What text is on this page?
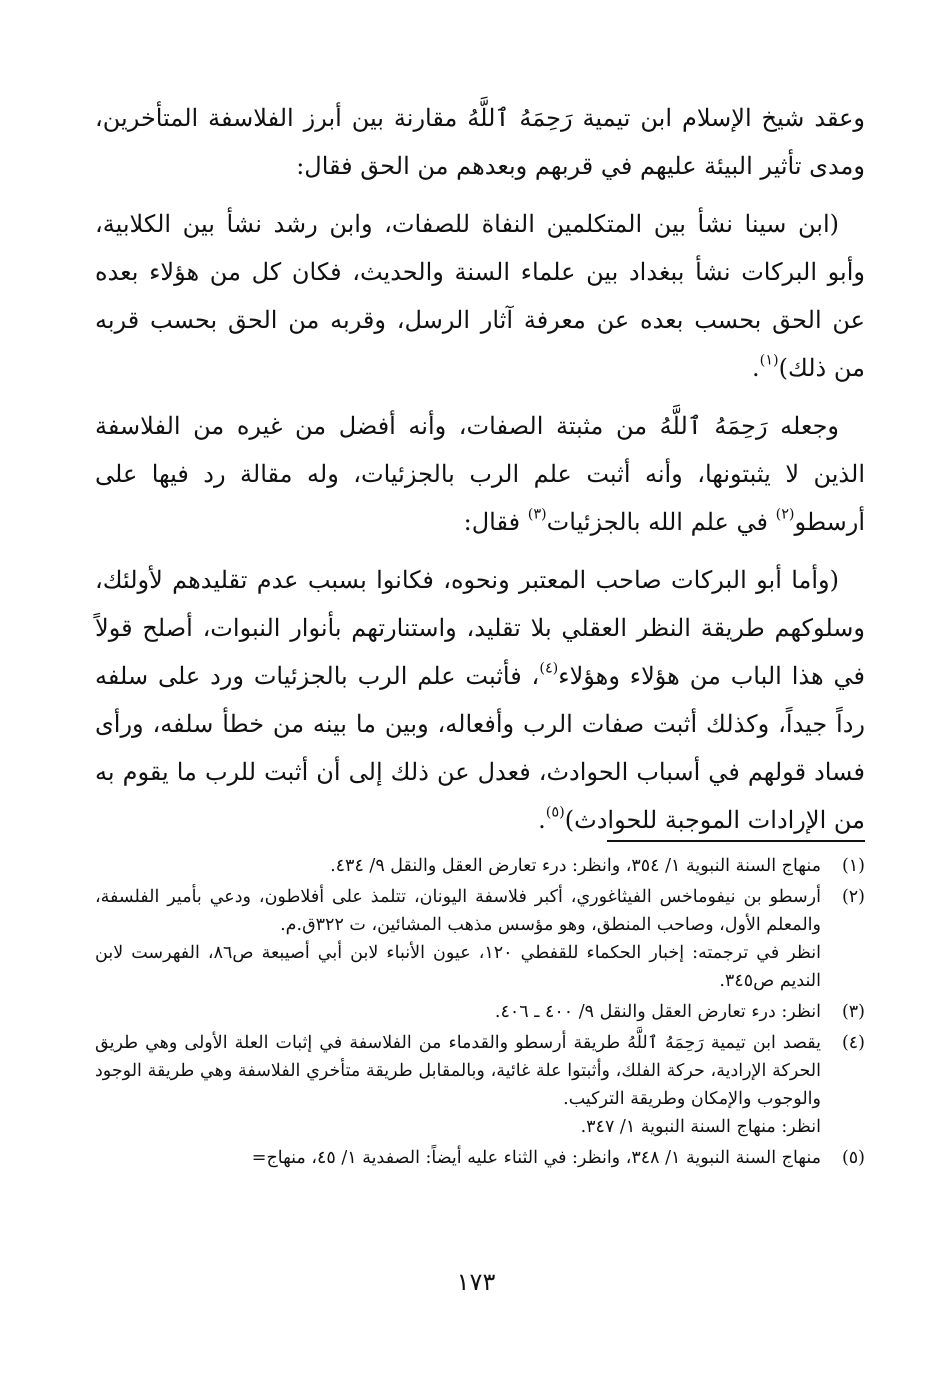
وعقد شيخ الإسلام ابن تيمية رَحِمَهُ ٱللَّهُ مقارنة بين أبرز الفلاسفة المتأخرين، ومدى تأثير البيئة عليهم في قربهم وبعدهم من الحق فقال:

(ابن سينا نشأ بين المتكلمين النفاة للصفات، وابن رشد نشأ بين الكلابية، وأبو البركات نشأ ببغداد بين علماء السنة والحديث، فكان كل من هؤلاء بعده عن الحق بحسب بعده عن معرفة آثار الرسل، وقربه من الحق بحسب قربه من ذلك)$^{(١)}$.

وجعله رَحِمَهُ ٱللَّهُ من مثبتة الصفات، وأنه أفضل من غيره من الفلاسفة الذين لا يثبتونها، وأنه أثبت علم الرب بالجزئيات، وله مقالة رد فيها على أرسطو$^{(٢)}$ في علم الله بالجزئيات$^{(٣)}$ فقال:

(وأما أبو البركات صاحب المعتبر ونحوه، فكانوا بسبب عدم تقليدهم لأولئك، وسلوكهم طريقة النظر العقلي بلا تقليد، واستنارتهم بأنوار النبوات، أصلح قولاً في هذا الباب من هؤلاء وهؤلاء$^{(٤)}$، فأثبت علم الرب بالجزئيات ورد على سلفه رداً جيداً، وكذلك أثبت صفات الرب وأفعاله، وبين ما بينه من خطأ سلفه، ورأى فساد قولهم في أسباب الحوادث، فعدل عن ذلك إلى أن أثبت للرب ما يقوم به من الإرادات الموجبة للحوادث)$^{(٥)}$.

(١)
منهاج السنة النبوية ١/ ٣٥٤، وانظر: درء تعارض العقل والنقل ٩/ ٤٣٤.
(٢)
أرسطو بن نيفوماخس الفيثاغوري، أكبر فلاسفة اليونان، تتلمذ على أفلاطون، ودعي بأمير الفلسفة، والمعلم الأول، وصاحب المنطق، وهو مؤسس مذهب المشائين، ت ٣٢٢ق.م.
انظر في ترجمته: إخبار الحكماء للقفطي ١٢٠، عيون الأنباء لابن أبي أصيبعة ص٨٦، الفهرست لابن النديم ص٣٤٥.
(٣)
انظر: درء تعارض العقل والنقل ٩/ ٤٠٠ ـ ٤٠٦.
(٤)
يقصد ابن تيمية رَحِمَهُ ٱللَّهُ طريقة أرسطو والقدماء من الفلاسفة في إثبات العلة الأولى وهي طريق الحركة الإرادية، حركة الفلك، وأثبتوا علة غائية، وبالمقابل طريقة متأخري الفلاسفة وهي طريقة الوجود والوجوب والإمكان وطريقة التركيب.
انظر: منهاج السنة النبوية ١/ ٣٤٧.
(٥)
منهاج السنة النبوية ١/ ٣٤٨، وانظر: في الثناء عليه أيضاً: الصفدية ١/ ٤٥، منهاج=
١٧٣
